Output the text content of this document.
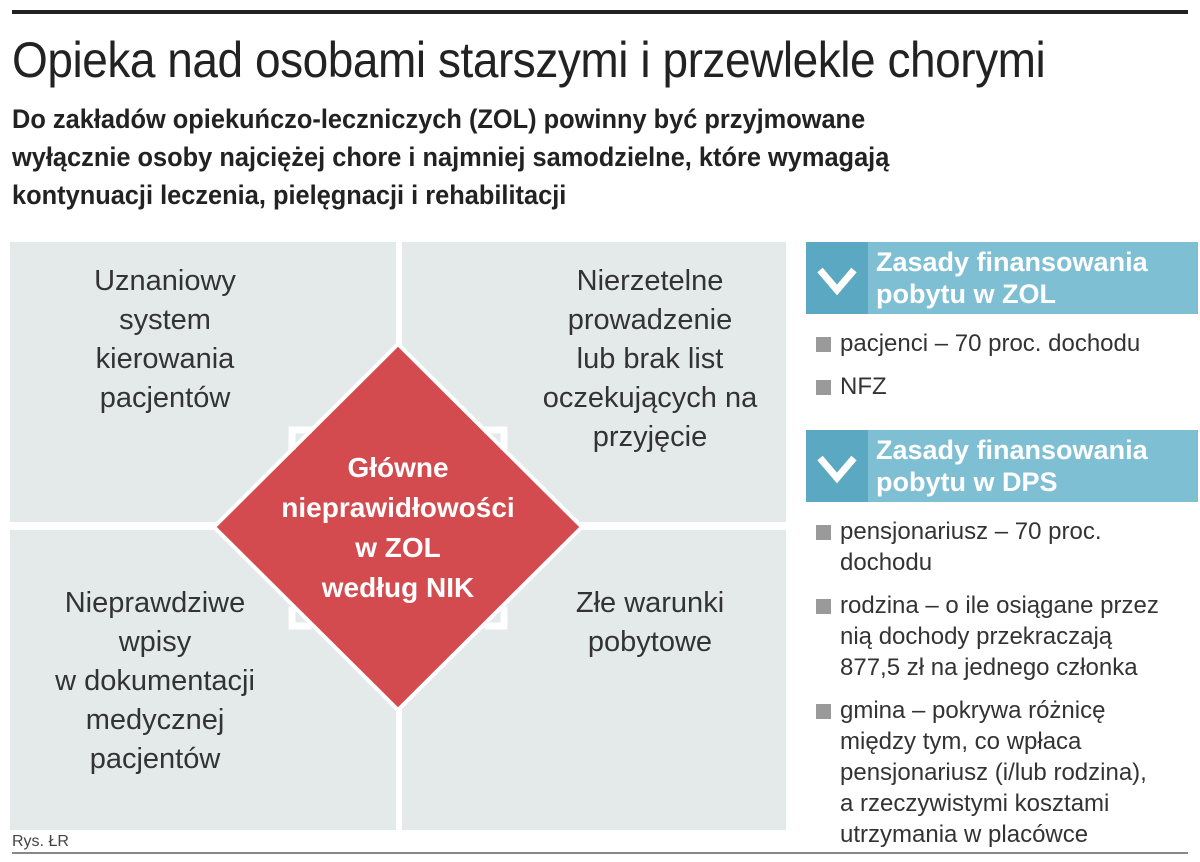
Opieka nad osobami starszymi i przewlekle chorymi
Do zakładów opiekuńczo-leczniczych (ZOL) powinny być przyjmowane
wyłącznie osoby najciężej chore i najmniej samodzielne, które wymagają
kontynuacji leczenia, pielęgnacji i rehabilitacji
Uznaniowy
system
kierowania
pacjentów
Nierzetelne
prowadzenie
lub brak list
oczekujących na
przyjęcie
Nieprawdziwe
wpisy
w dokumentacji
medycznej
pacjentów
Złe warunki
pobytowe
Główne
nieprawidłowości
w ZOL
według NIK
Zasady finansowania
pobytu w ZOL
pacjenci – 70 proc. dochodu
NFZ
Zasady finansowania
pobytu w DPS
pensjonariusz – 70 proc.
dochodu
rodzina – o ile osiągane przez
nią dochody przekraczają
877,5 zł na jednego członka
gmina – pokrywa różnicę
między tym, co wpłaca
pensjonariusz (i/lub rodzina),
a rzeczywistymi kosztami
utrzymania w placówce
Rys. ŁR
